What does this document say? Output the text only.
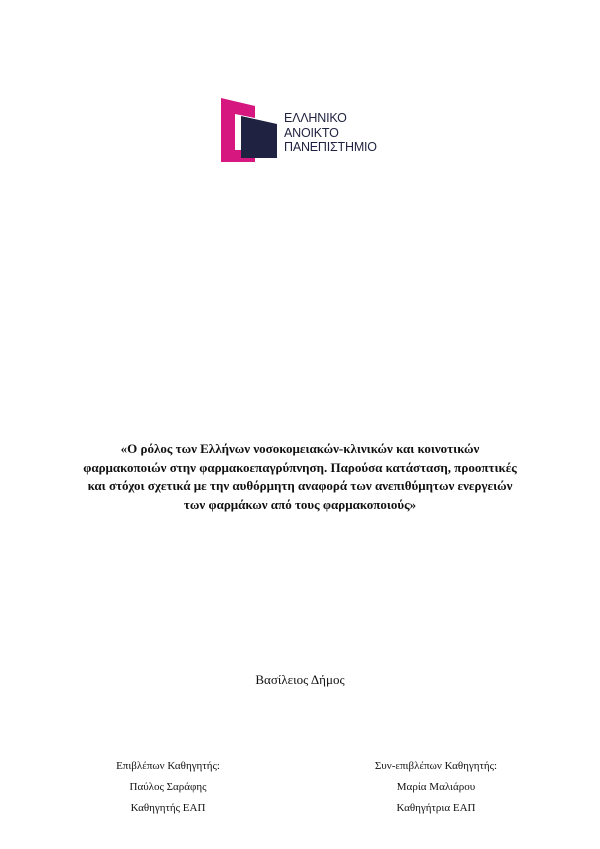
ΕΛΛΗΝΙΚΟ
ΑΝΟΙΚΤΟ
ΠΑΝΕΠΙΣΤΗΜΙΟ
«Ο ρόλος των Ελλήνων νοσοκομειακών-κλινικών και κοινοτικών
φαρμακοποιών στην φαρμακοεπαγρύπνηση. Παρούσα κατάσταση, προοπτικές
και στόχοι σχετικά με την αυθόρμητη αναφορά των ανεπιθύμητων ενεργειών
των φαρμάκων από τους φαρμακοποιούς»
Βασίλειος Δήμος
Επιβλέπων Καθηγητής:
Παύλος Σαράφης
Καθηγητής ΕΑΠ
Συν-επιβλέπων Καθηγητής:
Μαρία Μαλιάρου
Καθηγήτρια ΕΑΠ
